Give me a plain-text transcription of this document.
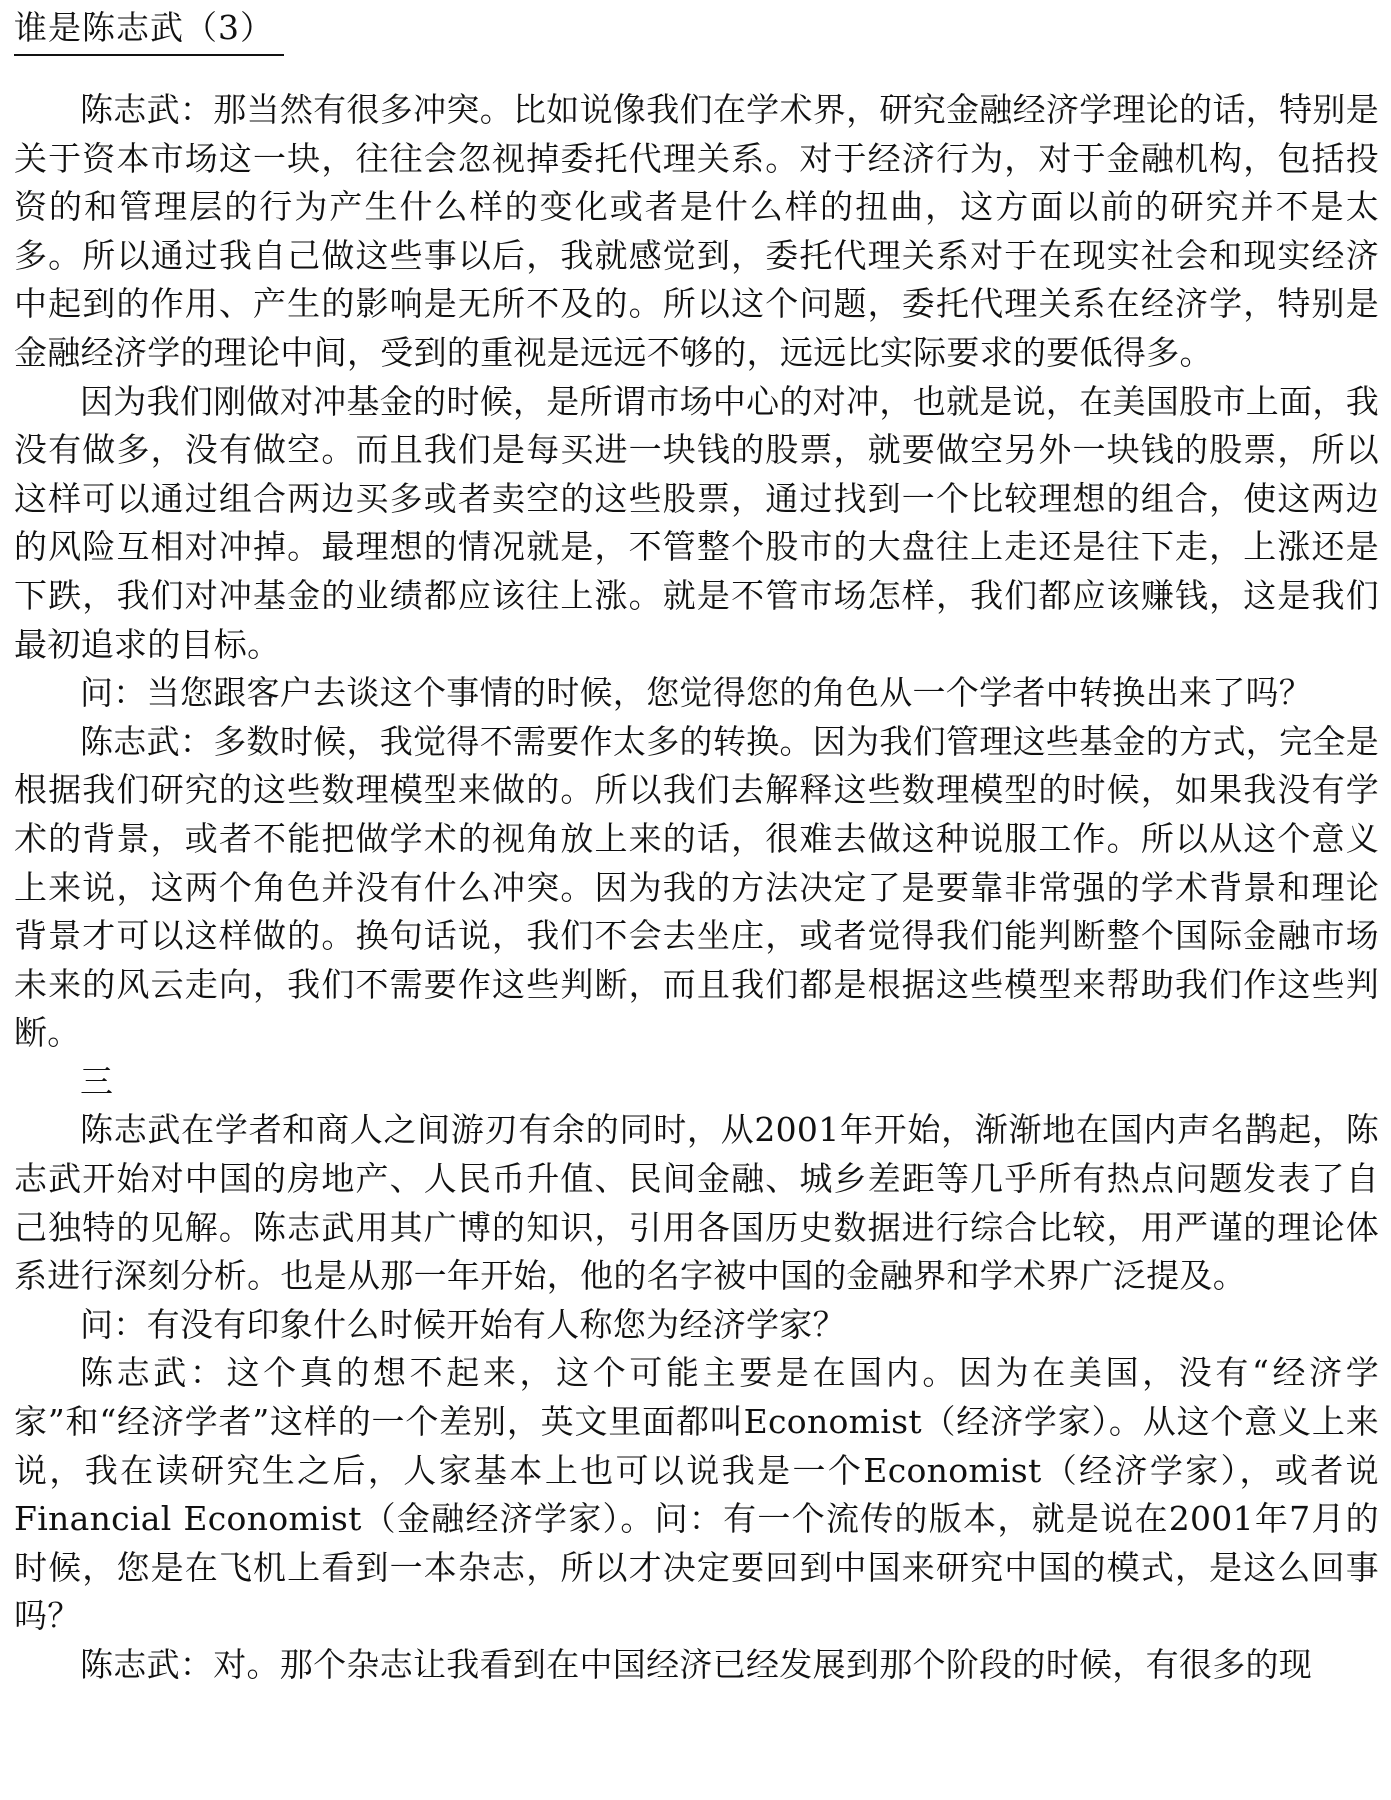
谁是陈志武（3）

陈志武：那当然有很多冲突。比如说像我们在学术界，研究金融经济学理论的话，特别是关于资本市场这一块，往往会忽视掉委托代理关系。对于经济行为，对于金融机构，包括投资的和管理层的行为产生什么样的变化或者是什么样的扭曲，这方面以前的研究并不是太多。所以通过我自己做这些事以后，我就感觉到，委托代理关系对于在现实社会和现实经济中起到的作用、产生的影响是无所不及的。所以这个问题，委托代理关系在经济学，特别是金融经济学的理论中间，受到的重视是远远不够的，远远比实际要求的要低得多。

因为我们刚做对冲基金的时候，是所谓市场中心的对冲，也就是说，在美国股市上面，我没有做多，没有做空。而且我们是每买进一块钱的股票，就要做空另外一块钱的股票，所以这样可以通过组合两边买多或者卖空的这些股票，通过找到一个比较理想的组合，使这两边的风险互相对冲掉。最理想的情况就是，不管整个股市的大盘往上走还是往下走，上涨还是下跌，我们对冲基金的业绩都应该往上涨。就是不管市场怎样，我们都应该赚钱，这是我们最初追求的目标。

问：当您跟客户去谈这个事情的时候，您觉得您的角色从一个学者中转换出来了吗？

陈志武：多数时候，我觉得不需要作太多的转换。因为我们管理这些基金的方式，完全是根据我们研究的这些数理模型来做的。所以我们去解释这些数理模型的时候，如果我没有学术的背景，或者不能把做学术的视角放上来的话，很难去做这种说服工作。所以从这个意义上来说，这两个角色并没有什么冲突。因为我的方法决定了是要靠非常强的学术背景和理论背景才可以这样做的。换句话说，我们不会去坐庄，或者觉得我们能判断整个国际金融市场未来的风云走向，我们不需要作这些判断，而且我们都是根据这些模型来帮助我们作这些判断。

三

陈志武在学者和商人之间游刃有余的同时，从2001年开始，渐渐地在国内声名鹊起，陈志武开始对中国的房地产、人民币升值、民间金融、城乡差距等几乎所有热点问题发表了自己独特的见解。陈志武用其广博的知识，引用各国历史数据进行综合比较，用严谨的理论体系进行深刻分析。也是从那一年开始，他的名字被中国的金融界和学术界广泛提及。

问：有没有印象什么时候开始有人称您为经济学家？

陈志武：这个真的想不起来，这个可能主要是在国内。因为在美国，没有“经济学家”和“经济学者”这样的一个差别，英文里面都叫Economist（经济学家）。从这个意义上来说，我在读研究生之后，人家基本上也可以说我是一个Economist（经济学家），或者说Financial Economist（金融经济学家）。问：有一个流传的版本，就是说在2001年7月的时候，您是在飞机上看到一本杂志，所以才决定要回到中国来研究中国的模式，是这么回事吗？

陈志武：对。那个杂志让我看到在中国经济已经发展到那个阶段的时候，有很多的现
